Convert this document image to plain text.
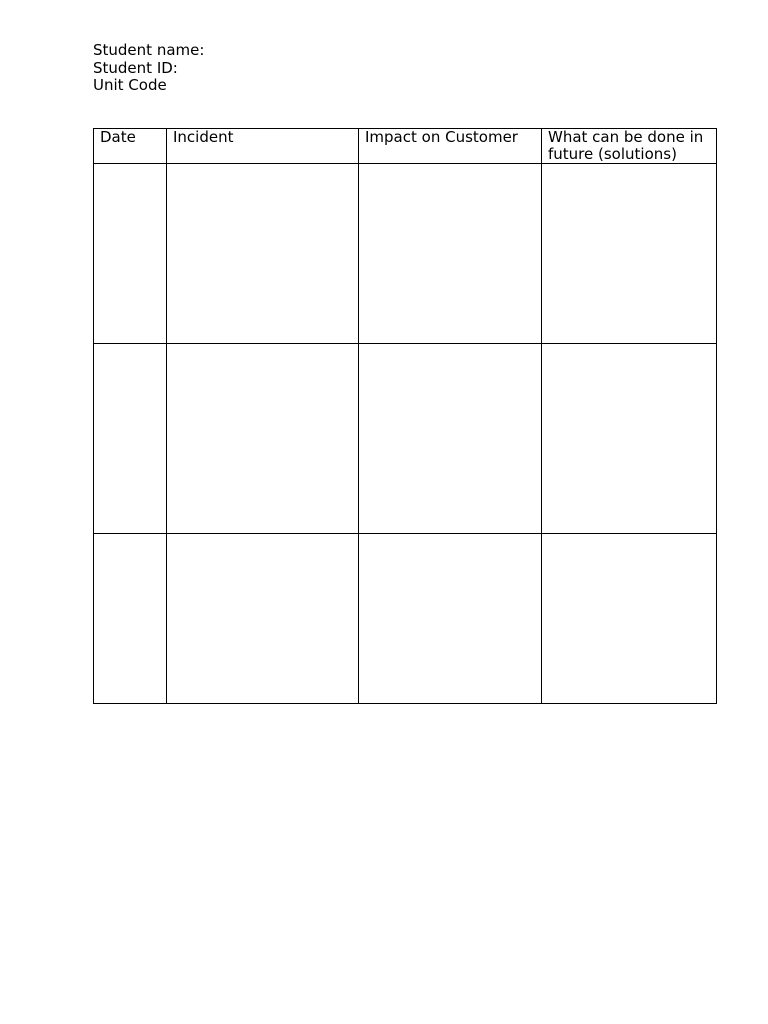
Student name:
Student ID:
Unit Code
Date	Incident	Impact on Customer	What can be done in future (solutions)
